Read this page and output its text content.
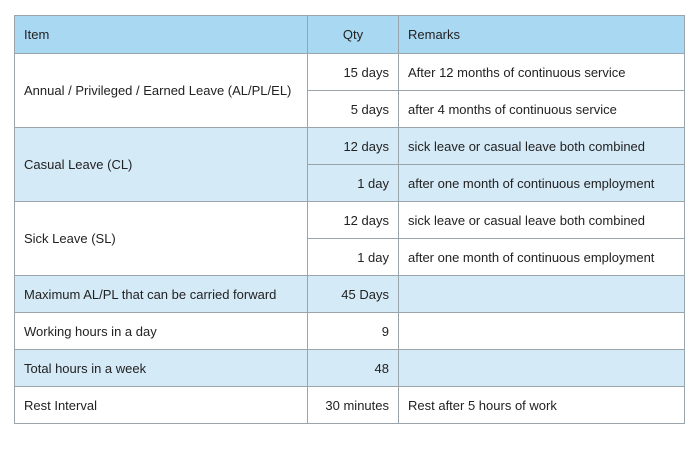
Item	Qty	Remarks
Annual / Privileged / Earned Leave (AL/PL/EL)	15 days	After 12 months of continuous service
	5 days	after 4 months of continuous service
Casual Leave (CL)	12 days	sick leave or casual leave both combined
	1 day	after one month of continuous employment
Sick Leave (SL)	12 days	sick leave or casual leave both combined
	1 day	after one month of continuous employment
Maximum AL/PL that can be carried forward	45 Days	
Working hours in a day	9	
Total hours in a week	48	
Rest Interval	30 minutes	Rest after 5 hours of work
